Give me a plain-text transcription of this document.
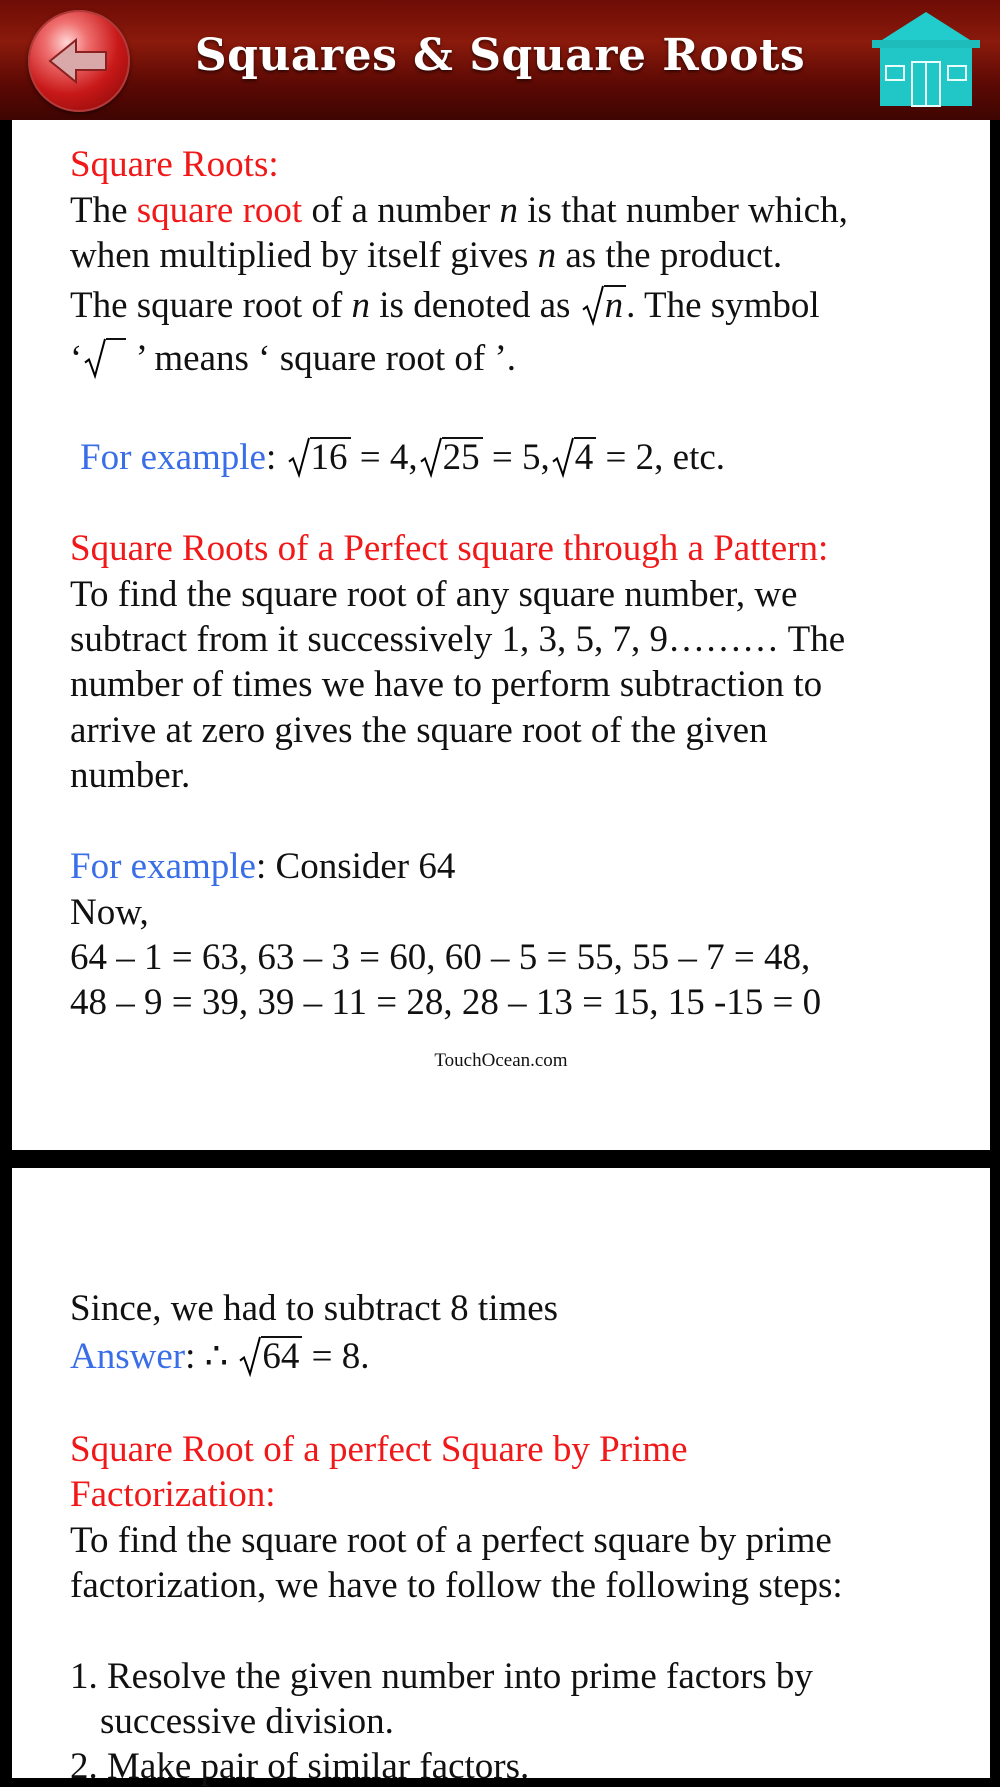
Squares & Square Roots
Square Roots:
The square root of a number n is that number which,
when multiplied by itself gives n as the product.
The square root of n is denoted as n. The symbol
‘ ’ means ‘ square root of ’.
For example: 16 = 4, 25 = 5, 4 = 2, etc.
Square Roots of a Perfect square through a Pattern:
To find the square root of any square number, we
subtract from it successively 1, 3, 5, 7, 9……… The
number of times we have to perform subtraction to
arrive at zero gives the square root of the given
number.
For example: Consider 64
Now,
64 – 1 = 63, 63 – 3 = 60, 60 – 5 = 55, 55 – 7 = 48,
48 – 9 = 39, 39 – 11 = 28, 28 – 13 = 15, 15 -15 = 0
TouchOcean.com
Since, we had to subtract 8 times
Answer: ∴ 64 = 8.
Square Root of a perfect Square by Prime
Factorization:
To find the square root of a perfect square by prime
factorization, we have to follow the following steps:
1. Resolve the given number into prime factors by
successive division.
2. Make pair of similar factors.
